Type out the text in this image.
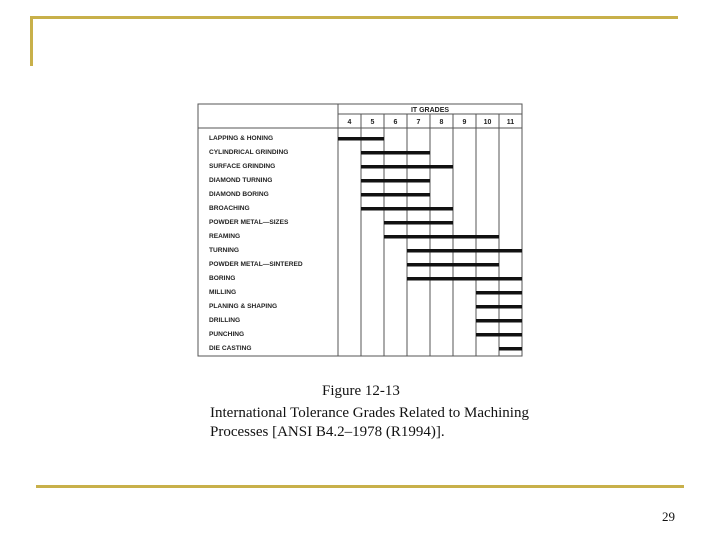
IT GRADES
4	5	6	7	8	9 10 11
LAPPING & HONING
CYLINDRICAL GRINDING
SURFACE GRINDING
DIAMOND TURNING
DIAMOND BORING
BROACHING
POWDER METAL—SIZES
REAMING
TURNING
POWDER METAL—SINTERED
BORING
MILLING
PLANING & SHAPING
DRILLING
PUNCHING
DIE CASTING
Figure 12-13
International Tolerance Grades Related to Machining Processes [ANSI B4.2–1978 (R1994)].
29
